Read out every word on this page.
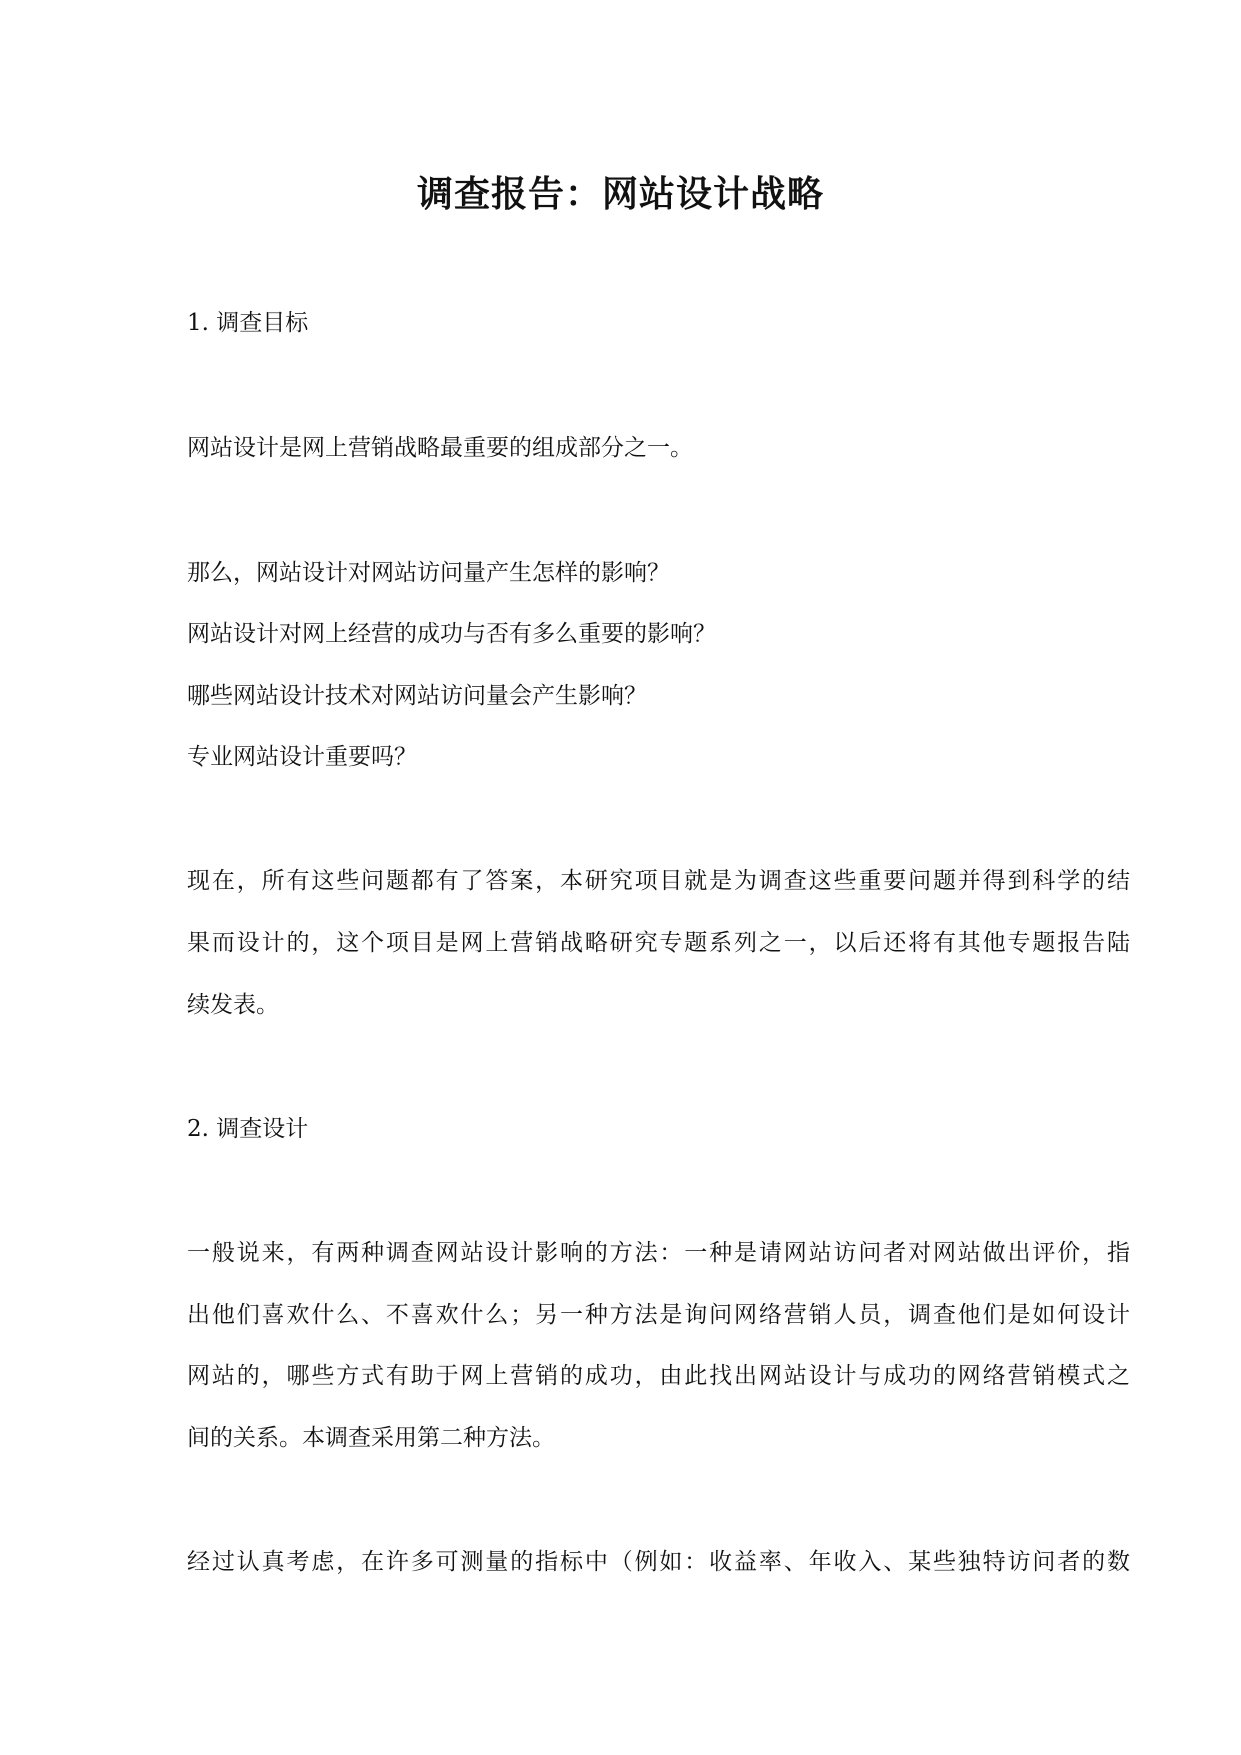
调查报告：网站设计战略
1. 调查目标
网站设计是网上营销战略最重要的组成部分之一。
那么，网站设计对网站访问量产生怎样的影响？
网站设计对网上经营的成功与否有多么重要的影响？
哪些网站设计技术对网站访问量会产生影响？
专业网站设计重要吗？
现在，所有这些问题都有了答案，本研究项目就是为调查这些重要问题并得到科学的结
果而设计的，这个项目是网上营销战略研究专题系列之一，以后还将有其他专题报告陆
续发表。
2. 调查设计
一般说来，有两种调查网站设计影响的方法：一种是请网站访问者对网站做出评价，指
出他们喜欢什么、不喜欢什么；另一种方法是询问网络营销人员，调查他们是如何设计
网站的，哪些方式有助于网上营销的成功，由此找出网站设计与成功的网络营销模式之
间的关系。本调查采用第二种方法。
经过认真考虑，在许多可测量的指标中（例如：收益率、年收入、某些独特访问者的数
